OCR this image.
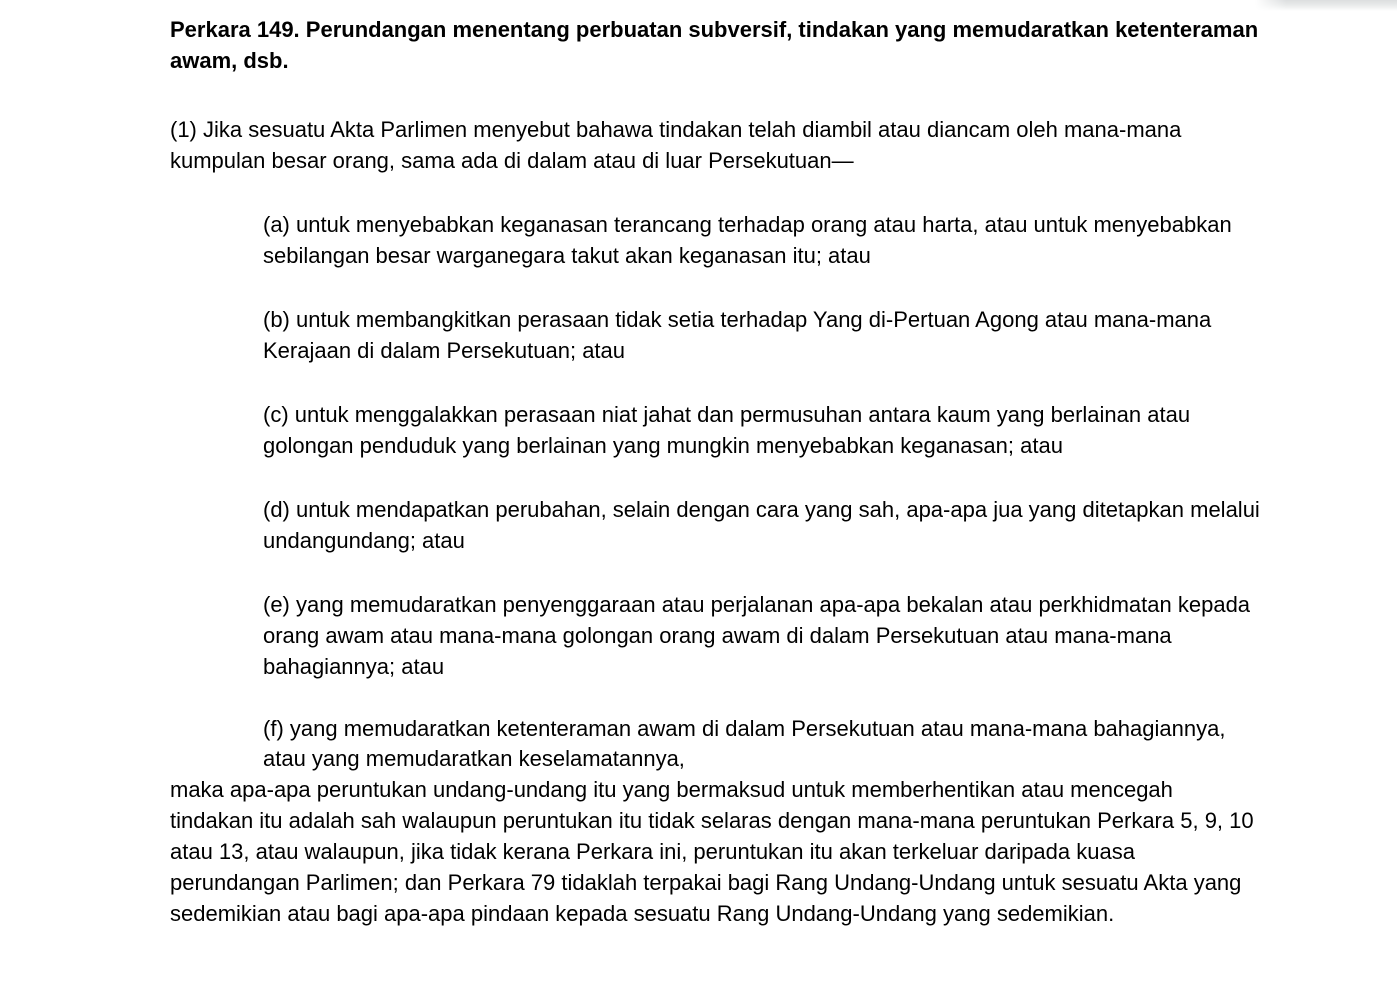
Perkara 149. Perundangan menentang perbuatan subversif, tindakan yang memudaratkan ketenteraman awam, dsb.

(1) Jika sesuatu Akta Parlimen menyebut bahawa tindakan telah diambil atau diancam oleh mana-mana kumpulan besar orang, sama ada di dalam atau di luar Persekutuan—

(a) untuk menyebabkan keganasan terancang terhadap orang atau harta, atau untuk menyebabkan sebilangan besar warganegara takut akan keganasan itu; atau

(b) untuk membangkitkan perasaan tidak setia terhadap Yang di-Pertuan Agong atau mana-mana Kerajaan di dalam Persekutuan; atau

(c) untuk menggalakkan perasaan niat jahat dan permusuhan antara kaum yang berlainan atau golongan penduduk yang berlainan yang mungkin menyebabkan keganasan; atau

(d) untuk mendapatkan perubahan, selain dengan cara yang sah, apa-apa jua yang ditetapkan melalui undangundang; atau

(e) yang memudaratkan penyenggaraan atau perjalanan apa-apa bekalan atau perkhidmatan kepada orang awam atau mana-mana golongan orang awam di dalam Persekutuan atau mana-mana bahagiannya; atau

(f) yang memudaratkan ketenteraman awam di dalam Persekutuan atau mana-mana bahagiannya, atau yang memudaratkan keselamatannya,

maka apa-apa peruntukan undang-undang itu yang bermaksud untuk memberhentikan atau mencegah tindakan itu adalah sah walaupun peruntukan itu tidak selaras dengan mana-mana peruntukan Perkara 5, 9, 10 atau 13, atau walaupun, jika tidak kerana Perkara ini, peruntukan itu akan terkeluar daripada kuasa perundangan Parlimen; dan Perkara 79 tidaklah terpakai bagi Rang Undang-Undang untuk sesuatu Akta yang sedemikian atau bagi apa-apa pindaan kepada sesuatu Rang Undang-Undang yang sedemikian.
